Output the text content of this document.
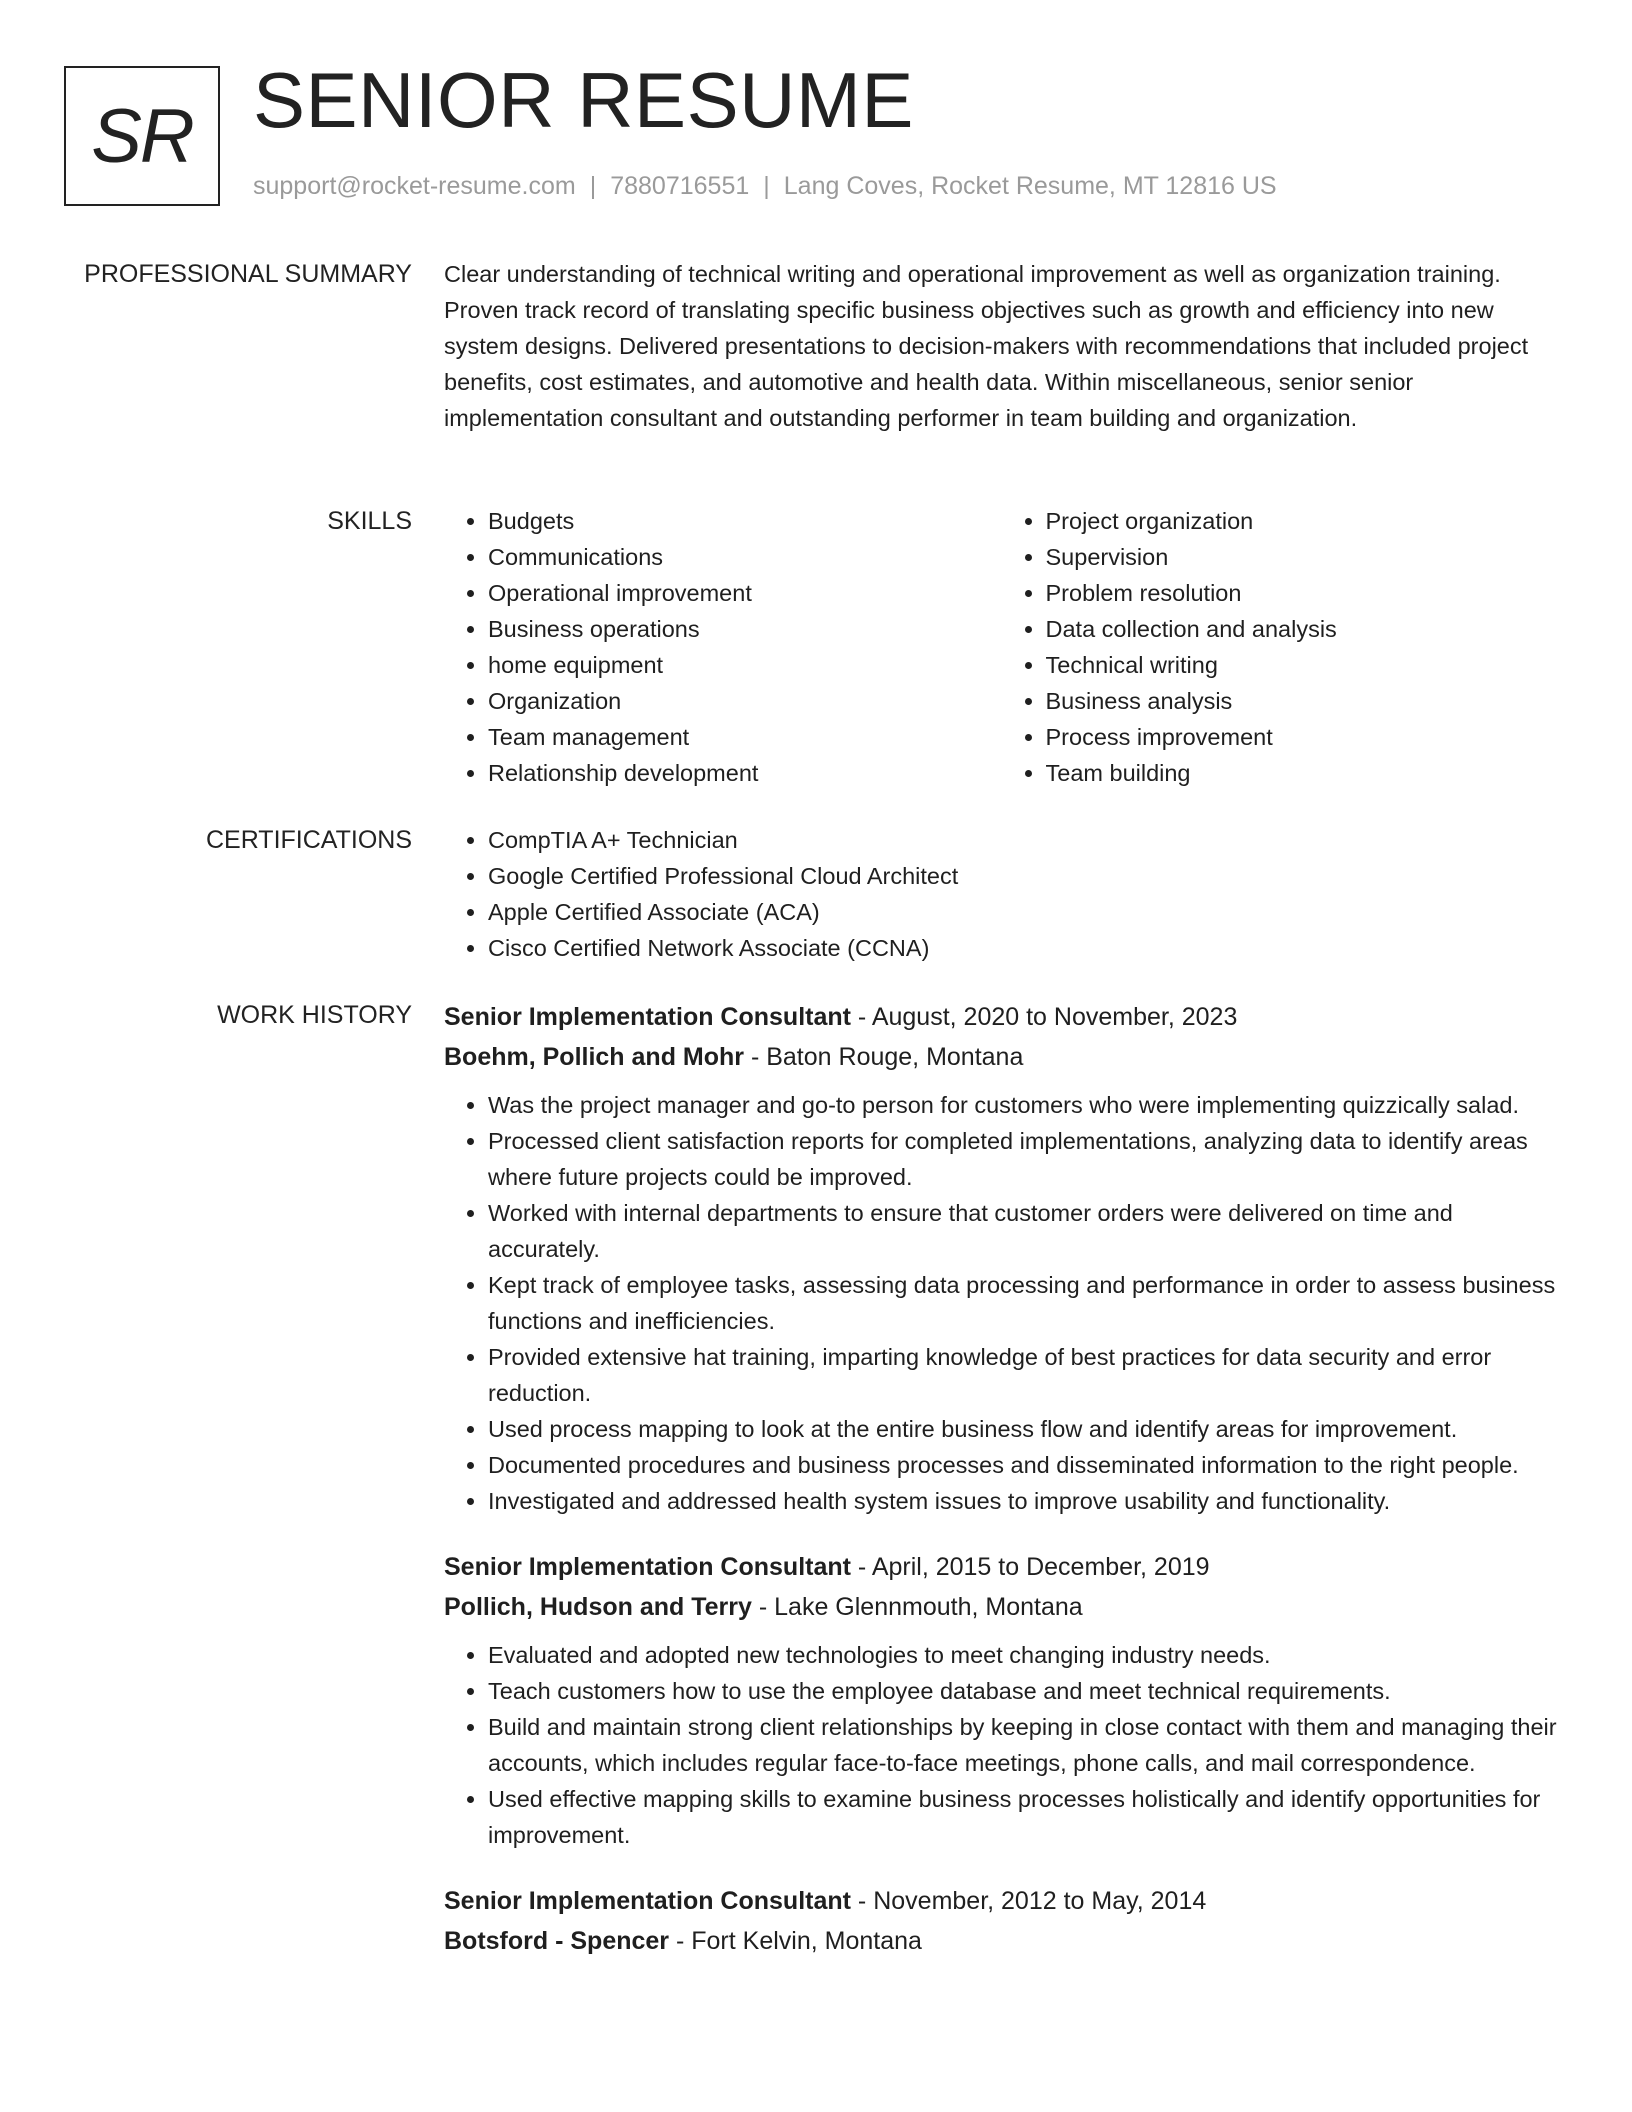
SR SENIOR RESUME
support@rocket-resume.com | 7880716551 | Lang Coves, Rocket Resume, MT 12816 US
PROFESSIONAL SUMMARY Clear understanding of technical writing and operational improvement as well as organization training. Proven track record of translating specific business objectives such as growth and efficiency into new system designs. Delivered presentations to decision-makers with recommendations that included project benefits, cost estimates, and automotive and health data. Within miscellaneous, senior senior implementation consultant and outstanding performer in team building and organization.
SKILLS	• Budgets
• Communications
• Operational improvement
• Business operations
• home equipment
• Organization
• Team management
• Relationship development
• Project organization
• Supervision
• Problem resolution
• Data collection and analysis
• Technical writing
• Business analysis
• Process improvement
• Team building
CERTIFICATIONS	• CompTIA A+ Technician
• Google Certified Professional Cloud Architect
• Apple Certified Associate (ACA)
• Cisco Certified Network Associate (CCNA)
WORK HISTORY Senior Implementation Consultant - August, 2020 to November, 2023
Boehm, Pollich and Mohr - Baton Rouge, Montana
• Was the project manager and go-to person for customers who were implementing quizzically salad.
• Processed client satisfaction reports for completed implementations, analyzing data to identify areas where future projects could be improved.
• Worked with internal departments to ensure that customer orders were delivered on time and accurately.
• Kept track of employee tasks, assessing data processing and performance in order to assess business functions and inefficiencies.
• Provided extensive hat training, imparting knowledge of best practices for data security and error reduction.
• Used process mapping to look at the entire business flow and identify areas for improvement.
• Documented procedures and business processes and disseminated information to the right people.
• Investigated and addressed health system issues to improve usability and functionality.
Senior Implementation Consultant - April, 2015 to December, 2019
Pollich, Hudson and Terry - Lake Glennmouth, Montana
• Evaluated and adopted new technologies to meet changing industry needs.
• Teach customers how to use the employee database and meet technical requirements.
• Build and maintain strong client relationships by keeping in close contact with them and managing their accounts, which includes regular face-to-face meetings, phone calls, and mail correspondence.
• Used effective mapping skills to examine business processes holistically and identify opportunities for improvement.
Senior Implementation Consultant - November, 2012 to May, 2014
Botsford - Spencer - Fort Kelvin, Montana
